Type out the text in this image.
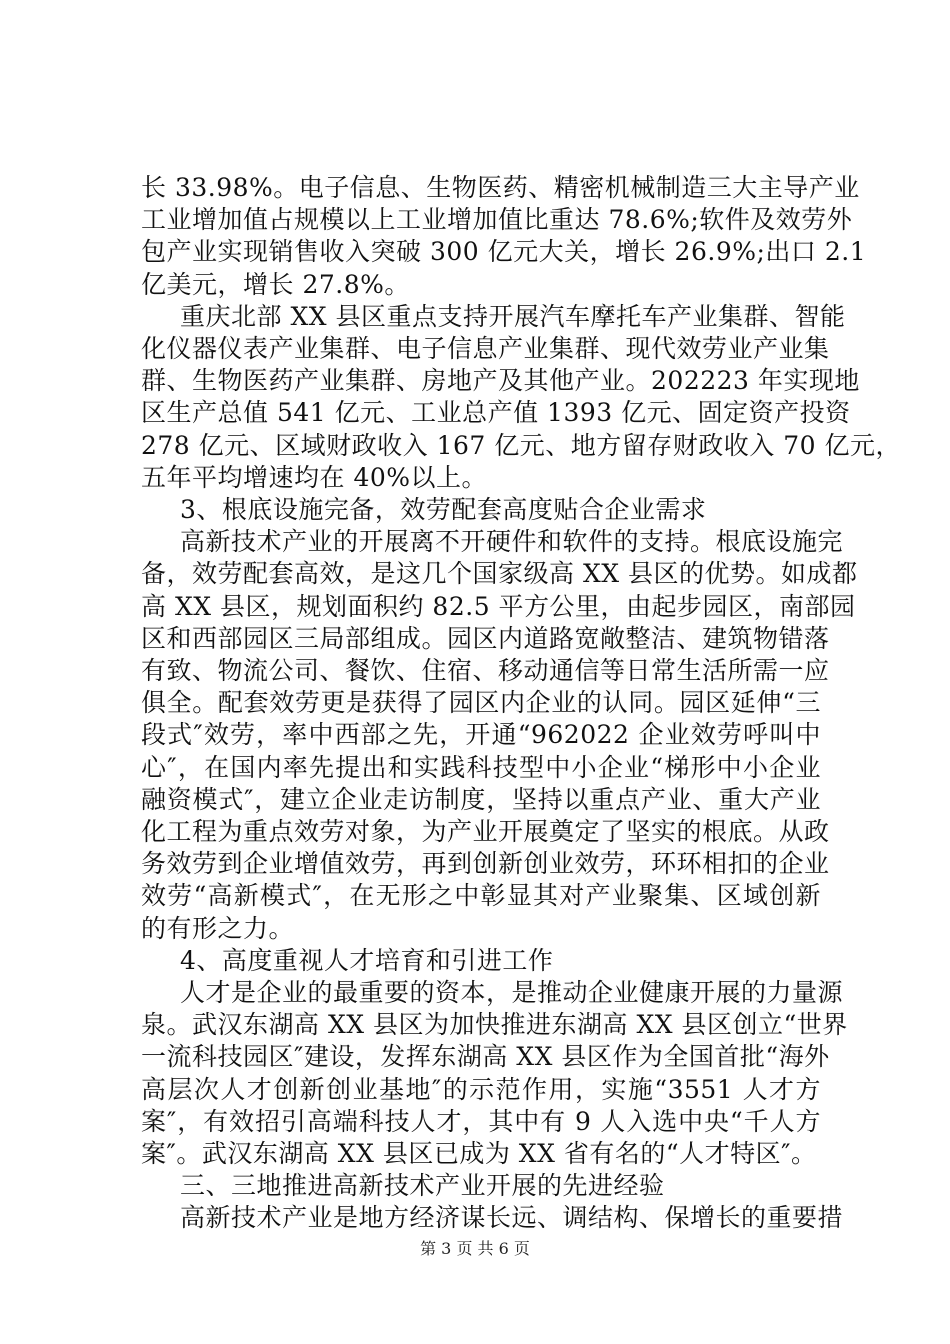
长 33.98%。电子信息、生物医药、精密机械制造三大主导产业
工业增加值占规模以上工业增加值比重达 78.6%;软件及效劳外
包产业实现销售收入突破 300 亿元大关，增长 26.9%;出口 2.1
亿美元，增长 27.8%。
重庆北部 XX 县区重点支持开展汽车摩托车产业集群、智能
化仪器仪表产业集群、电子信息产业集群、现代效劳业产业集
群、生物医药产业集群、房地产及其他产业。202223 年实现地
区生产总值 541 亿元、工业总产值 1393 亿元、固定资产投资
278 亿元、区域财政收入 167 亿元、地方留存财政收入 70 亿元，
五年平均增速均在 40%以上。
3、根底设施完备，效劳配套高度贴合企业需求
高新技术产业的开展离不开硬件和软件的支持。根底设施完
备，效劳配套高效，是这几个国家级高 XX 县区的优势。如成都
高 XX 县区，规划面积约 82.5 平方公里，由起步园区，南部园
区和西部园区三局部组成。园区内道路宽敞整洁、建筑物错落
有致、物流公司、餐饮、住宿、移动通信等日常生活所需一应
俱全。配套效劳更是获得了园区内企业的认同。园区延伸“三
段式″效劳，率中西部之先，开通“962022 企业效劳呼叫中
心″，在国内率先提出和实践科技型中小企业“梯形中小企业
融资模式″，建立企业走访制度，坚持以重点产业、重大产业
化工程为重点效劳对象，为产业开展奠定了坚实的根底。从政
务效劳到企业增值效劳，再到创新创业效劳，环环相扣的企业
效劳“高新模式″，在无形之中彰显其对产业聚集、区域创新
的有形之力。
4、高度重视人才培育和引进工作
人才是企业的最重要的资本，是推动企业健康开展的力量源
泉。武汉东湖高 XX 县区为加快推进东湖高 XX 县区创立“世界
一流科技园区″建设，发挥东湖高 XX 县区作为全国首批“海外
高层次人才创新创业基地″的示范作用，实施“3551 人才方
案″，有效招引高端科技人才，其中有 9 人入选中央“千人方
案″。武汉东湖高 XX 县区已成为 XX 省有名的“人才特区″。
三、三地推进高新技术产业开展的先进经验
高新技术产业是地方经济谋长远、调结构、保增长的重要措
第 3 页 共 6 页
